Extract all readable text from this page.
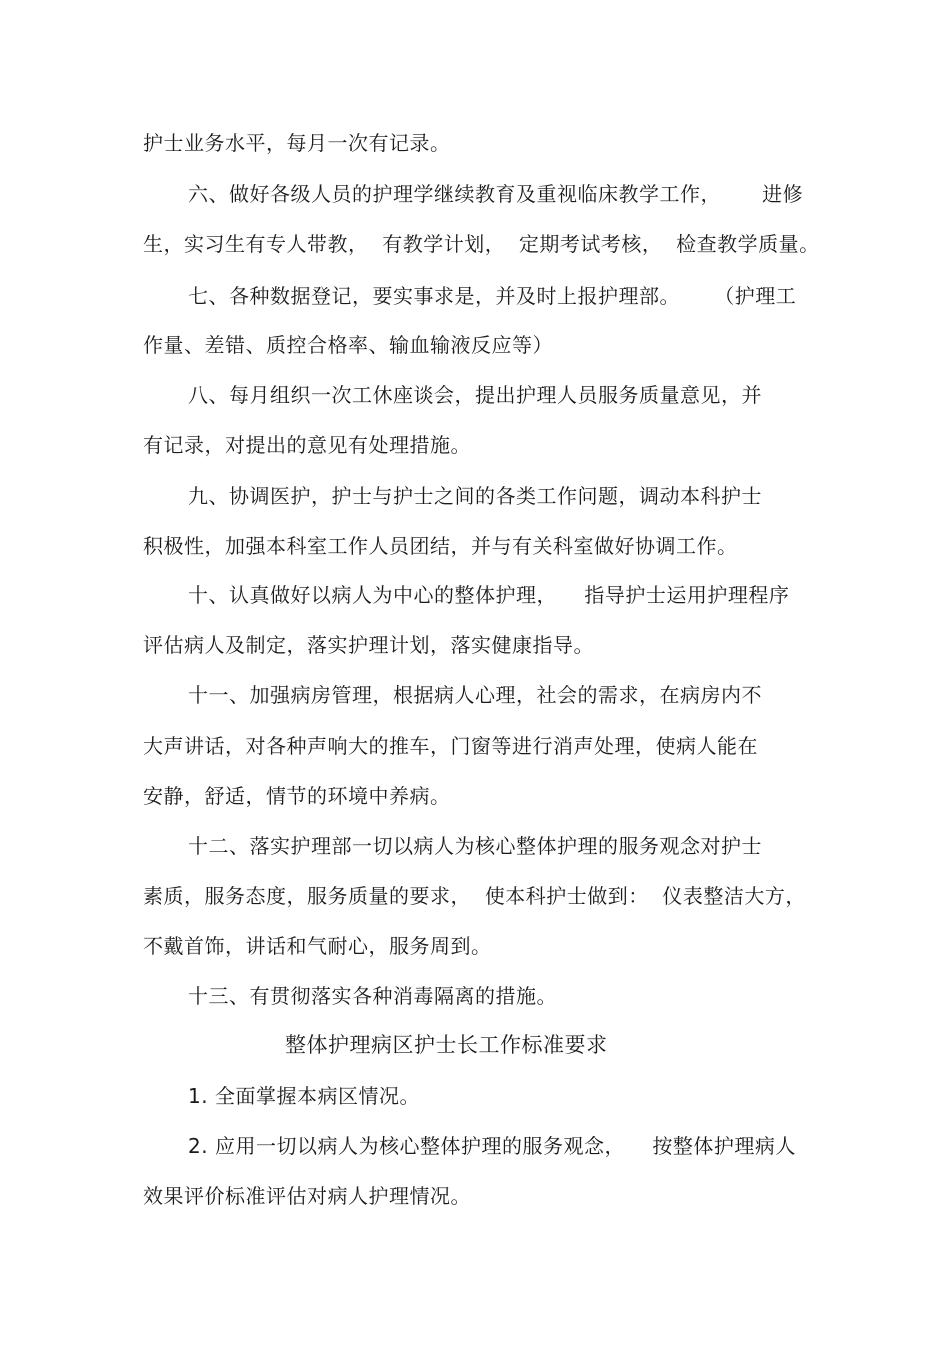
护士业务水平，每月一次有记录。
六、做好各级人员的护理学继续教育及重视临床教学工作，      进修
生，实习生有专人带教，  有教学计划，  定期考试考核，  检查教学质量。
七、各种数据登记，要实事求是，并及时上报护理部。     （护理工
作量、差错、质控合格率、输血输液反应等）
八、每月组织一次工休座谈会，提出护理人员服务质量意见，并
有记录，对提出的意见有处理措施。
九、协调医护，护士与护士之间的各类工作问题，调动本科护士
积极性，加强本科室工作人员团结，并与有关科室做好协调工作。
十、认真做好以病人为中心的整体护理，    指导护士运用护理程序
评估病人及制定，落实护理计划，落实健康指导。
十一、加强病房管理，根据病人心理，社会的需求，在病房内不
大声讲话，对各种声响大的推车，门窗等进行消声处理，使病人能在
安静，舒适，情节的环境中养病。
十二、落实护理部一切以病人为核心整体护理的服务观念对护士
素质，服务态度，服务质量的要求，  使本科护士做到：  仪表整洁大方，
不戴首饰，讲话和气耐心，服务周到。
十三、有贯彻落实各种消毒隔离的措施。
整体护理病区护士长工作标准要求
1. 全面掌握本病区情况。
2. 应用一切以病人为核心整体护理的服务观念，    按整体护理病人
效果评价标准评估对病人护理情况。
